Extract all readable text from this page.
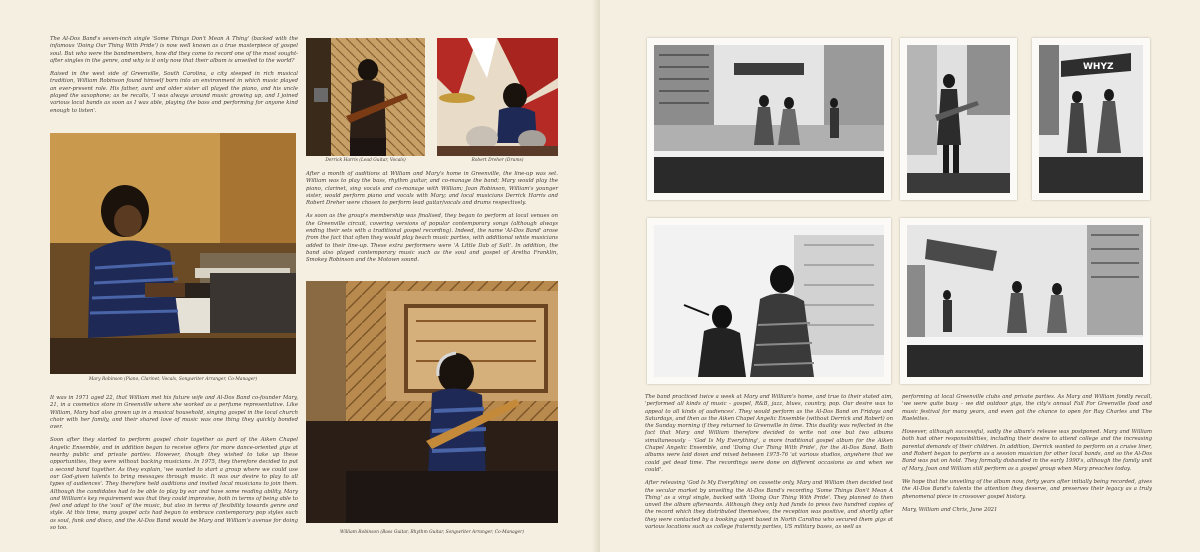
The Al-Dos Band's seven-inch single 'Some Things Don't Mean A Thing' (backed with the infamous 'Doing Our Thing With Pride') is now well known as a true masterpiece of gospel soul. But who were the bandmembers, how did they come to record one of the most sought-after singles in the genre, and why is it only now that their album is unveiled to the world?

Raised in the west side of Greenville, South Carolina, a city steeped in rich musical tradition, William Robinson found himself born into an environment in which music played an ever-present role. His father, aunt and older sister all played the piano, and his uncle played the saxophone; as he recalls, 'I was always around music growing up, and I joined various local bands as soon as I was able, playing the bass and performing for anyone kind enough to listen'.

Mary Robinson (Piano, Clarinet, Vocals, Songwriter Arranger, Co-Manager)

It was in 1971 aged 22, that William met his future wife and Al-Dos Band co-founder Mary, 21, in a cosmetics store in Greenville where she worked as a perfume representative. Like William, Mary had also grown up in a musical household, singing gospel in the local church choir with her family, and their shared love of music was one thing they quickly bonded over.

Soon after they started to perform gospel choir together as part of the Aiken Chapel Angelic Ensemble, and in addition began to receive offers for more dance-oriented gigs at nearby public and private parties. However, though they wished to take up these opportunities, they were without backing musicians. In 1975, they therefore decided to put a second band together. As they explain, 'we wanted to start a group where we could use our God-given talents to bring messages through music. It was our desire to play to all types of audiences'. They therefore held auditions and invited local musicians to join them. Although the candidates had to be able to play by ear and have some reading ability, Mary and William's key requirement was that they could improvise, both in terms of being able to feel and adapt to the 'soul' of the music, but also in terms of flexibility towards genre and style. At this time, many gospel acts had begun to embrace contemporary pop styles such as soul, funk and disco, and the Al-Dos Band would be Mary and William's avenue for doing so too.

Derrick Harris (Lead Guitar, Vocals)	Robert Dreher (Drums)

After a month of auditions at William and Mary's home in Greenville, the line-up was set. William was to play the bass, rhythm guitar, and co-manage the band; Mary would play the piano, clarinet, sing vocals and co-manage with William; Joan Robinson, William's younger sister, would perform piano and vocals with Mary; and local musicians Derrick Harris and Robert Dreher were chosen to perform lead guitar/vocals and drums respectively.

As soon as the group's membership was finalised, they began to perform at local venues on the Greenville circuit, covering versions of popular contemporary songs (although always ending their sets with a traditional gospel recording). Indeed, the name 'Al-Dos Band' arose from the fact that often they would play beach music parties, with additional white musicians added to their line-up. These extra performers were 'A Little Dab of Salt'. In addition, the band also played contemporary music such as the soul and gospel of Aretha Franklin, Smokey Robinson and the Motown sound.

William Robinson (Bass Guitar, Rhythm Guitar, Songwriter Arranger, Co-Manager)
WHYZ

The band practiced twice a week at Mary and William's home, and true to their stated aim, 'performed all kinds of music - gospel, R&B, jazz, blues, country, pop. Our desire was to appeal to all kinds of audiences'. They would perform as the Al-Dos Band on Fridays and Saturdays, and then as the Aiken Chapel Angelic Ensemble (without Derrick and Robert) on the Sunday morning if they returned to Greenville in time. This duality was reflected in the fact that Mary and William therefore decided to write not one but two albums simultaneously – 'God Is My Everything', a more traditional gospel album for the Aiken Chapel Angelic Ensemble, and 'Doing Our Thing With Pride', for the Al-Dos Band. Both albums were laid down and mixed between 1975-76 'at various studios, anywhere that we could get dead time. The recordings were done on different occasions as and when we could'.

After releasing 'God Is My Everything' on cassette only, Mary and William then decided test the secular market by unveiling the Al-Dos Band's recording 'Some Things Don't Mean A Thing' as a vinyl single, backed with 'Doing Our Thing With Pride'. They planned to then unveil the album afterwards. Although they only had funds to press two hundred copies of the record which they distributed themselves, the reception was positive, and shortly after they were contacted by a booking agent based in North Carolina who secured them gigs at various locations such as college fraternity parties, US military bases, as well as

performing at local Greenville clubs and private parties. As Mary and William fondly recall, 'we were quite busy – we did outdoor gigs, the city's annual Fall For Greenville food and music festival for many years, and even got the chance to open for Ray Charles and The Raelettes.

However, although successful, sadly the album's release was postponed. Mary and William both had other responsibilities, including their desire to attend college and the increasing parental demands of their children. In addition, Derrick wanted to perform on a cruise liner, and Robert began to perform as a session musician for other local bands, and so the Al-Dos Band was put on hold. They formally disbanded in the early 1990's, although the family unit of Mary, Joan and William still perform as a gospel group when Mary preaches today.

We hope that the unveiling of the album now, forty years after initially being recorded, gives the Al-Dos Band's talents the attention they deserve, and preserves their legacy as a truly phenomenal piece in crossover gospel history.

Mary, William and Chris, June 2021
